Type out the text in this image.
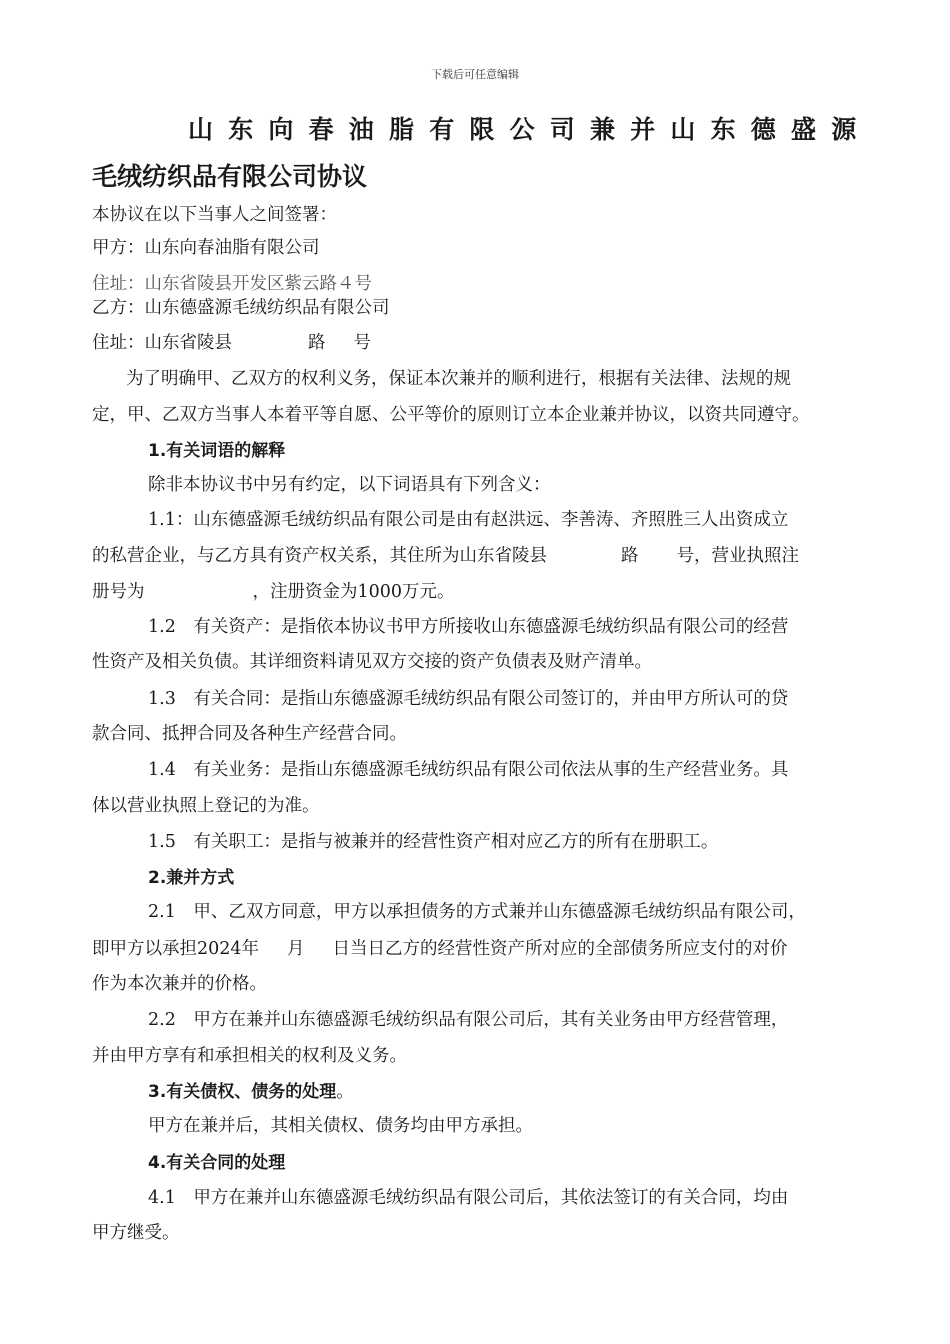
下载后可任意编辑
山东向春油脂有限公司兼并山东德盛源
毛绒纺织品有限公司协议
本协议在以下当事人之间签署：
甲方：山东向春油脂有限公司
住址：山东省陵县开发区紫云路４号
乙方：山东德盛源毛绒纺织品有限公司
住址：山东省陵县	路 号
为了明确甲、乙双方的权利义务，保证本次兼并的顺利进行，根据有关法律、法规的规
定，甲、乙双方当事人本着平等自愿、公平等价的原则订立本企业兼并协议，以资共同遵守。
1.有关词语的解释
除非本协议书中另有约定，以下词语具有下列含义：
1.1：山东德盛源毛绒纺织品有限公司是由有赵洪远、李善涛、齐照胜三人出资成立
的私营企业，与乙方具有资产权关系，其住所为山东省陵县	路 号，营业执照注
册号为	，注册资金为1000万元。
1.2　有关资产：是指依本协议书甲方所接收山东德盛源毛绒纺织品有限公司的经营
性资产及相关负债。其详细资料请见双方交接的资产负债表及财产清单。
1.3　有关合同：是指山东德盛源毛绒纺织品有限公司签订的，并由甲方所认可的贷
款合同、抵押合同及各种生产经营合同。
1.4　有关业务：是指山东德盛源毛绒纺织品有限公司依法从事的生产经营业务。具
体以营业执照上登记的为准。
1.5　有关职工：是指与被兼并的经营性资产相对应乙方的所有在册职工。
2.兼并方式
2.1　甲、乙双方同意，甲方以承担债务的方式兼并山东德盛源毛绒纺织品有限公司，
即甲方以承担2024年 月 日当日乙方的经营性资产所对应的全部债务所应支付的对价
作为本次兼并的价格。
2.2　甲方在兼并山东德盛源毛绒纺织品有限公司后，其有关业务由甲方经营管理，
并由甲方享有和承担相关的权利及义务。
3.有关债权、债务的处理。
甲方在兼并后，其相关债权、债务均由甲方承担。
4.有关合同的处理
4.1　甲方在兼并山东德盛源毛绒纺织品有限公司后，其依法签订的有关合同，均由
甲方继受。
